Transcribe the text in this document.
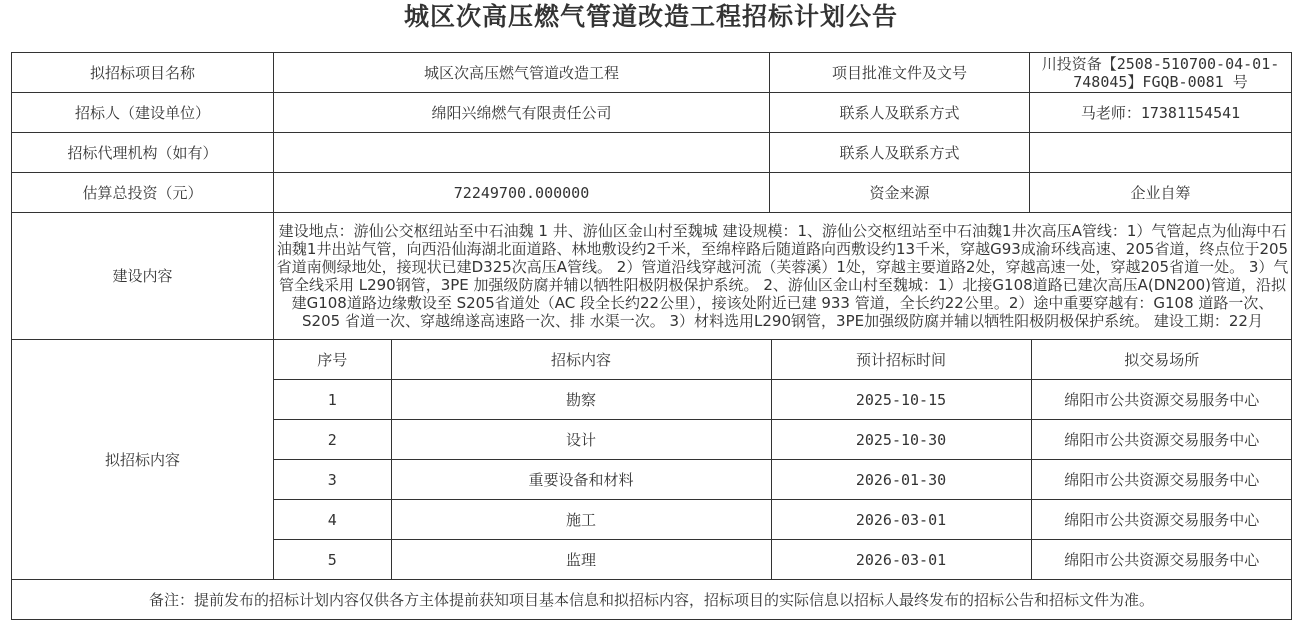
城区次高压燃气管道改造工程招标计划公告
拟招标项目名称	城区次高压燃气管道改造工程	项目批准文件及文号	川投资备【2508-510700-04-01-748045】FGQB-0081 号
招标人（建设单位）	绵阳兴绵燃气有限责任公司	联系人及联系方式	马老师：17381154541
招标代理机构（如有）		联系人及联系方式	
估算总投资（元）	72249700.000000	资金来源	企业自筹
建设内容	建设地点：游仙公交枢纽站至中石油魏 1 井、游仙区金山村至魏城 建设规模：1、游仙公交枢纽站至中石油魏1井次高压A管线：1）气管起点为仙海中石油魏1井出站气管，向西沿仙海湖北面道路、林地敷设约2千米，至绵梓路后随道路向西敷设约13千米，穿越G93成渝环线高速、205省道，终点位于205省道南侧绿地处，接现状已建D325次高压A管线。 2）管道沿线穿越河流（芙蓉溪）1处，穿越主要道路2处，穿越高速一处，穿越205省道一处。 3）气管全线采用 L290钢管，3PE 加强级防腐并辅以牺牲阳极阴极保护系统。 2、游仙区金山村至魏城：1）北接G108道路已建次高压A(DN200)管道，沿拟建G108道路边缘敷设至 S205省道处（AC 段全长约22公里），接该处附近已建 933 管道，全长约22公里。2）途中重要穿越有：G108 道路一次、S205 省道一次、穿越绵遂高速路一次、排 水渠一次。 3）材料选用L290钢管，3PE加强级防腐并辅以牺牲阳极阴极保护系统。 建设工期：22月
拟招标内容	
序号	招标内容	预计招标时间	拟交易场所
1	勘察	2025-10-15	绵阳市公共资源交易服务中心
2	设计	2025-10-30	绵阳市公共资源交易服务中心
3	重要设备和材料	2026-01-30	绵阳市公共资源交易服务中心
4	施工	2026-03-01	绵阳市公共资源交易服务中心
5	监理	2026-03-01	绵阳市公共资源交易服务中心

备注：提前发布的招标计划内容仅供各方主体提前获知项目基本信息和拟招标内容，招标项目的实际信息以招标人最终发布的招标公告和招标文件为准。
